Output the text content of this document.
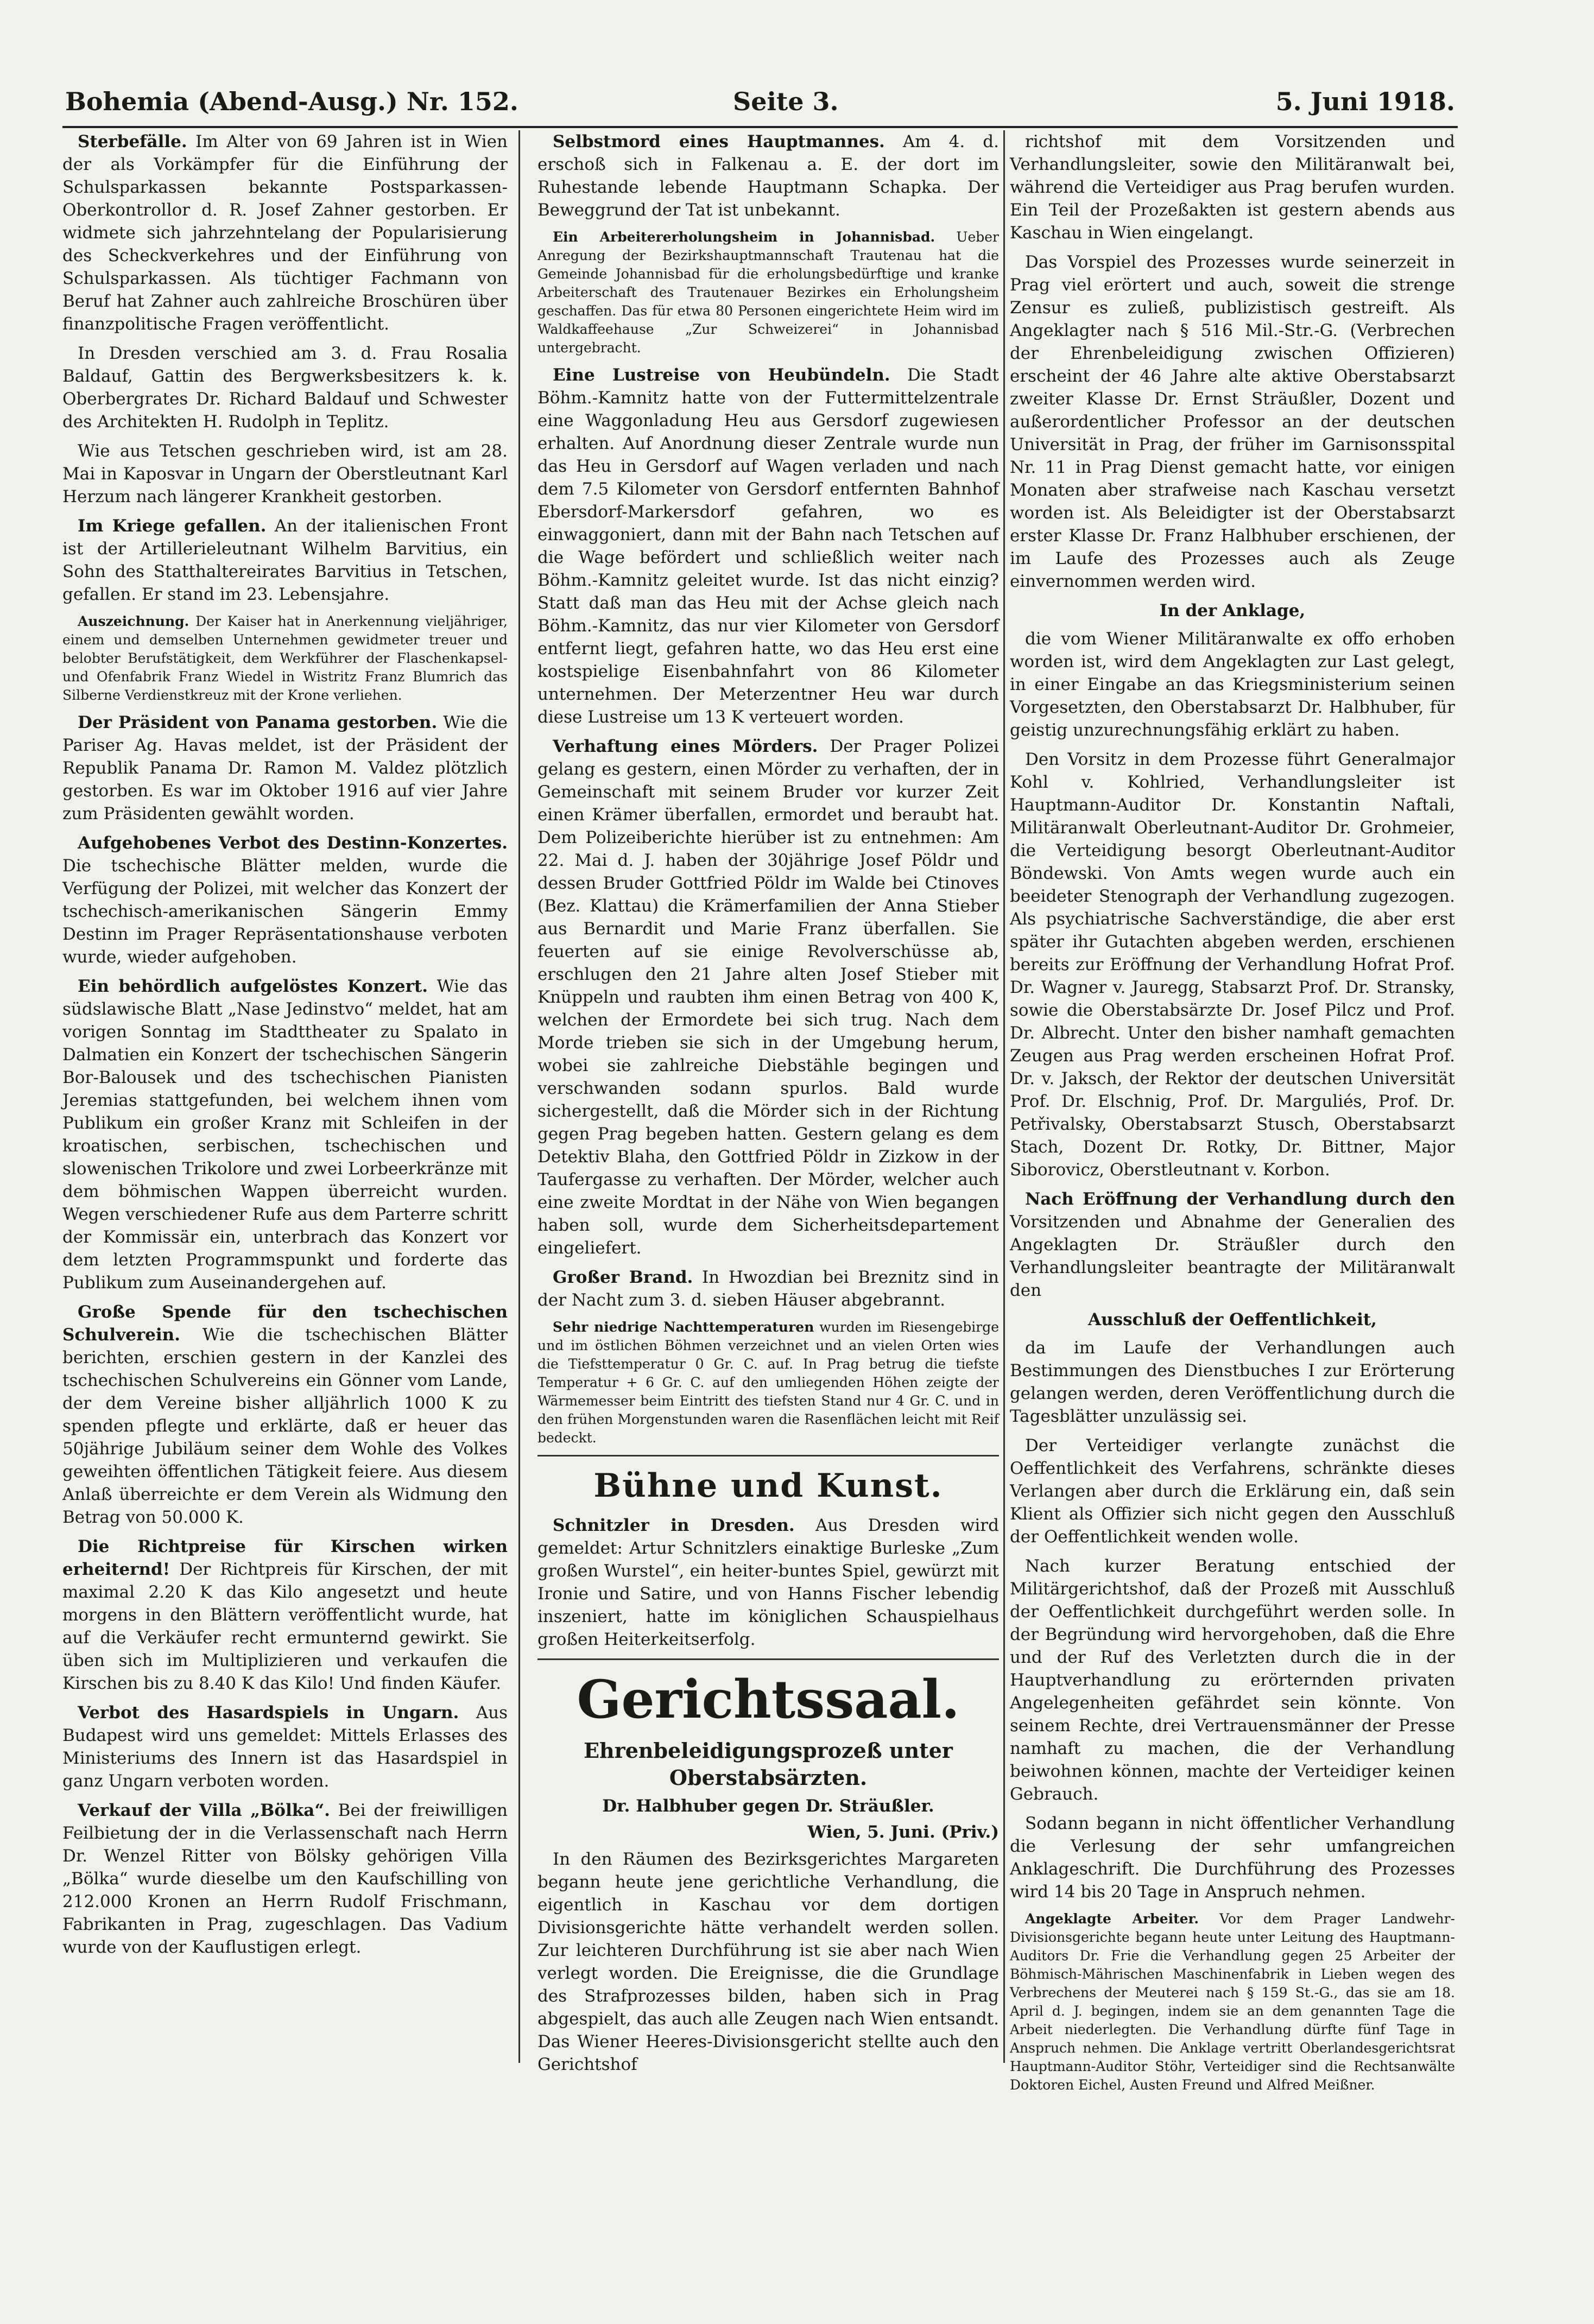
Bohemia (Abend-Ausg.) Nr. 152.	Seite 3.	5. Juni 1918.

Sterbefälle. Im Alter von 69 Jahren ist in Wien der als Vorkämpfer für die Einführung der Schulsparkassen bekannte Postsparkassen-Oberkontrollor d. R. Josef Zahner gestorben. Er widmete sich jahrzehntelang der Popularisierung des Scheckverkehres und der Einführung von Schulsparkassen. Als tüchtiger Fachmann von Beruf hat Zahner auch zahlreiche Broschüren über finanzpolitische Fragen veröffentlicht.

In Dresden verschied am 3. d. Frau Rosalia Baldauf, Gattin des Bergwerksbesitzers k. k. Oberbergrates Dr. Richard Baldauf und Schwester des Architekten H. Rudolph in Teplitz.

Wie aus Tetschen geschrieben wird, ist am 28. Mai in Kaposvar in Ungarn der Oberstleutnant Karl Herzum nach längerer Krankheit gestorben.

Im Kriege gefallen. An der italienischen Front ist der Artillerieleutnant Wilhelm Barvitius, ein Sohn des Statthaltereirates Barvitius in Tetschen, gefallen. Er stand im 23. Lebensjahre.

Auszeichnung. Der Kaiser hat in Anerkennung vieljähriger, einem und demselben Unternehmen gewidmeter treuer und belobter Berufstätigkeit, dem Werkführer der Flaschenkapsel- und Ofenfabrik Franz Wiedel in Wistritz Franz Blumrich das Silberne Verdienstkreuz mit der Krone verliehen.

Der Präsident von Panama gestorben. Wie die Pariser Ag. Havas meldet, ist der Präsident der Republik Panama Dr. Ramon M. Valdez plötzlich gestorben. Es war im Oktober 1916 auf vier Jahre zum Präsidenten gewählt worden.

Aufgehobenes Verbot des Destinn-Konzertes. Die tschechische Blätter melden, wurde die Verfügung der Polizei, mit welcher das Konzert der tschechisch-amerikanischen Sängerin Emmy Destinn im Prager Repräsentationshause verboten wurde, wieder aufgehoben.

Ein behördlich aufgelöstes Konzert. Wie das südslawische Blatt „Nase Jedinstvo“ meldet, hat am vorigen Sonntag im Stadttheater zu Spalato in Dalmatien ein Konzert der tschechischen Sängerin Bor-Balousek und des tschechischen Pianisten Jeremias stattgefunden, bei welchem ihnen vom Publikum ein großer Kranz mit Schleifen in der kroatischen, serbischen, tschechischen und slowenischen Trikolore und zwei Lorbeerkränze mit dem böhmischen Wappen überreicht wurden. Wegen verschiedener Rufe aus dem Parterre schritt der Kommissär ein, unterbrach das Konzert vor dem letzten Programmspunkt und forderte das Publikum zum Auseinandergehen auf.

Große Spende für den tschechischen Schulverein. Wie die tschechischen Blätter berichten, erschien gestern in der Kanzlei des tschechischen Schulvereins ein Gönner vom Lande, der dem Vereine bisher alljährlich 1000 K zu spenden pflegte und erklärte, daß er heuer das 50jährige Jubiläum seiner dem Wohle des Volkes geweihten öffentlichen Tätigkeit feiere. Aus diesem Anlaß überreichte er dem Verein als Widmung den Betrag von 50.000 K.

Die Richtpreise für Kirschen wirken erheiternd! Der Richtpreis für Kirschen, der mit maximal 2.20 K das Kilo angesetzt und heute morgens in den Blättern veröffentlicht wurde, hat auf die Verkäufer recht ermunternd gewirkt. Sie üben sich im Multiplizieren und verkaufen die Kirschen bis zu 8.40 K das Kilo! Und finden Käufer.

Verbot des Hasardspiels in Ungarn. Aus Budapest wird uns gemeldet: Mittels Erlasses des Ministeriums des Innern ist das Hasardspiel in ganz Ungarn verboten worden.

Verkauf der Villa „Bölka“. Bei der freiwilligen Feilbietung der in die Verlassenschaft nach Herrn Dr. Wenzel Ritter von Bölsky gehörigen Villa „Bölka“ wurde dieselbe um den Kaufschilling von 212.000 Kronen an Herrn Rudolf Frischmann, Fabrikanten in Prag, zugeschlagen. Das Vadium wurde von der Kauflustigen erlegt.

Selbstmord eines Hauptmannes. Am 4. d. erschoß sich in Falkenau a. E. der dort im Ruhestande lebende Hauptmann Schapka. Der Beweggrund der Tat ist unbekannt.

Ein Arbeitererholungsheim in Johannisbad. Ueber Anregung der Bezirkshauptmannschaft Trautenau hat die Gemeinde Johannisbad für die erholungsbedürftige und kranke Arbeiterschaft des Trautenauer Bezirkes ein Erholungsheim geschaffen. Das für etwa 80 Personen eingerichtete Heim wird im Waldkaffeehause „Zur Schweizerei“ in Johannisbad untergebracht.

Eine Lustreise von Heubündeln. Die Stadt Böhm.-Kamnitz hatte von der Futtermittelzentrale eine Waggonladung Heu aus Gersdorf zugewiesen erhalten. Auf Anordnung dieser Zentrale wurde nun das Heu in Gersdorf auf Wagen verladen und nach dem 7.5 Kilometer von Gersdorf entfernten Bahnhof Ebersdorf-Markersdorf gefahren, wo es einwaggoniert, dann mit der Bahn nach Tetschen auf die Wage befördert und schließlich weiter nach Böhm.-Kamnitz geleitet wurde. Ist das nicht einzig? Statt daß man das Heu mit der Achse gleich nach Böhm.-Kamnitz, das nur vier Kilometer von Gersdorf entfernt liegt, gefahren hatte, wo das Heu erst eine kostspielige Eisenbahnfahrt von 86 Kilometer unternehmen. Der Meterzentner Heu war durch diese Lustreise um 13 K verteuert worden.

Verhaftung eines Mörders. Der Prager Polizei gelang es gestern, einen Mörder zu verhaften, der in Gemeinschaft mit seinem Bruder vor kurzer Zeit einen Krämer überfallen, ermordet und beraubt hat. Dem Polizeiberichte hierüber ist zu entnehmen: Am 22. Mai d. J. haben der 30jährige Josef Pöldr und dessen Bruder Gottfried Pöldr im Walde bei Ctinoves (Bez. Klattau) die Krämerfamilien der Anna Stieber aus Bernardit und Marie Franz überfallen. Sie feuerten auf sie einige Revolverschüsse ab, erschlugen den 21 Jahre alten Josef Stieber mit Knüppeln und raubten ihm einen Betrag von 400 K, welchen der Ermordete bei sich trug. Nach dem Morde trieben sie sich in der Umgebung herum, wobei sie zahlreiche Diebstähle begingen und verschwanden sodann spurlos. Bald wurde sichergestellt, daß die Mörder sich in der Richtung gegen Prag begeben hatten. Gestern gelang es dem Detektiv Blaha, den Gottfried Pöldr in Zizkow in der Taufergasse zu verhaften. Der Mörder, welcher auch eine zweite Mordtat in der Nähe von Wien begangen haben soll, wurde dem Sicherheitsdepartement eingeliefert.

Großer Brand. In Hwozdian bei Breznitz sind in der Nacht zum 3. d. sieben Häuser abgebrannt.

Sehr niedrige Nachttemperaturen wurden im Riesengebirge und im östlichen Böhmen verzeichnet und an vielen Orten wies die Tiefsttemperatur 0 Gr. C. auf. In Prag betrug die tiefste Temperatur + 6 Gr. C. auf den umliegenden Höhen zeigte der Wärmemesser beim Eintritt des tiefsten Stand nur 4 Gr. C. und in den frühen Morgenstunden waren die Rasenflächen leicht mit Reif bedeckt.

Bühne und Kunst.

Schnitzler in Dresden. Aus Dresden wird gemeldet: Artur Schnitzlers einaktige Burleske „Zum großen Wurstel“, ein heiter-buntes Spiel, gewürzt mit Ironie und Satire, und von Hanns Fischer lebendig inszeniert, hatte im königlichen Schauspielhaus großen Heiterkeitserfolg.

Gerichtssaal.
Ehrenbeleidigungsprozeß unter Oberstabsärzten.
Dr. Halbhuber gegen Dr. Sträußler.
Wien, 5. Juni. (Priv.)

In den Räumen des Bezirksgerichtes Margareten begann heute jene gerichtliche Verhandlung, die eigentlich in Kaschau vor dem dortigen Divisionsgerichte hätte verhandelt werden sollen. Zur leichteren Durchführung ist sie aber nach Wien verlegt worden. Die Ereignisse, die die Grundlage des Strafprozesses bilden, haben sich in Prag abgespielt, das auch alle Zeugen nach Wien entsandt. Das Wiener Heeres-Divisionsgericht stellte auch den Gerichtshof

richtshof mit dem Vorsitzenden und Verhandlungsleiter, sowie den Militäranwalt bei, während die Verteidiger aus Prag berufen wurden. Ein Teil der Prozeßakten ist gestern abends aus Kaschau in Wien eingelangt.

Das Vorspiel des Prozesses wurde seinerzeit in Prag viel erörtert und auch, soweit die strenge Zensur es zuließ, publizistisch gestreift. Als Angeklagter nach § 516 Mil.-Str.-G. (Verbrechen der Ehrenbeleidigung zwischen Offizieren) erscheint der 46 Jahre alte aktive Oberstabsarzt zweiter Klasse Dr. Ernst Sträußler, Dozent und außerordentlicher Professor an der deutschen Universität in Prag, der früher im Garnisonsspital Nr. 11 in Prag Dienst gemacht hatte, vor einigen Monaten aber strafweise nach Kaschau versetzt worden ist. Als Beleidigter ist der Oberstabsarzt erster Klasse Dr. Franz Halbhuber erschienen, der im Laufe des Prozesses auch als Zeuge einvernommen werden wird.

In der Anklage,

die vom Wiener Militäranwalte ex offo erhoben worden ist, wird dem Angeklagten zur Last gelegt, in einer Eingabe an das Kriegsministerium seinen Vorgesetzten, den Oberstabsarzt Dr. Halbhuber, für geistig unzurechnungsfähig erklärt zu haben.

Den Vorsitz in dem Prozesse führt Generalmajor Kohl v. Kohlried, Verhandlungsleiter ist Hauptmann-Auditor Dr. Konstantin Naftali, Militäranwalt Oberleutnant-Auditor Dr. Grohmeier, die Verteidigung besorgt Oberleutnant-Auditor Böndewski. Von Amts wegen wurde auch ein beeideter Stenograph der Verhandlung zugezogen. Als psychiatrische Sachverständige, die aber erst später ihr Gutachten abgeben werden, erschienen bereits zur Eröffnung der Verhandlung Hofrat Prof. Dr. Wagner v. Jauregg, Stabsarzt Prof. Dr. Stransky, sowie die Oberstabsärzte Dr. Josef Pilcz und Prof. Dr. Albrecht. Unter den bisher namhaft gemachten Zeugen aus Prag werden erscheinen Hofrat Prof. Dr. v. Jaksch, der Rektor der deutschen Universität Prof. Dr. Elschnig, Prof. Dr. Marguliés, Prof. Dr. Petřivalsky, Oberstabsarzt Stusch, Oberstabsarzt Stach, Dozent Dr. Rotky, Dr. Bittner, Major Siborovicz, Oberstleutnant v. Korbon.

Nach Eröffnung der Verhandlung durch den Vorsitzenden und Abnahme der Generalien des Angeklagten Dr. Sträußler durch den Verhandlungsleiter beantragte der Militäranwalt den

Ausschluß der Oeffentlichkeit,

da im Laufe der Verhandlungen auch Bestimmungen des Dienstbuches I zur Erörterung gelangen werden, deren Veröffentlichung durch die Tagesblätter unzulässig sei.

Der Verteidiger verlangte zunächst die Oeffentlichkeit des Verfahrens, schränkte dieses Verlangen aber durch die Erklärung ein, daß sein Klient als Offizier sich nicht gegen den Ausschluß der Oeffentlichkeit wenden wolle.

Nach kurzer Beratung entschied der Militärgerichtshof, daß der Prozeß mit Ausschluß der Oeffentlichkeit durchgeführt werden solle. In der Begründung wird hervorgehoben, daß die Ehre und der Ruf des Verletzten durch die in der Hauptverhandlung zu erörternden privaten Angelegenheiten gefährdet sein könnte. Von seinem Rechte, drei Vertrauensmänner der Presse namhaft zu machen, die der Verhandlung beiwohnen können, machte der Verteidiger keinen Gebrauch.

Sodann begann in nicht öffentlicher Verhandlung die Verlesung der sehr umfangreichen Anklageschrift. Die Durchführung des Prozesses wird 14 bis 20 Tage in Anspruch nehmen.

Angeklagte Arbeiter. Vor dem Prager Landwehr-Divisionsgerichte begann heute unter Leitung des Hauptmann-Auditors Dr. Frie die Verhandlung gegen 25 Arbeiter der Böhmisch-Mährischen Maschinenfabrik in Lieben wegen des Verbrechens der Meuterei nach § 159 St.-G., das sie am 18. April d. J. begingen, indem sie an dem genannten Tage die Arbeit niederlegten. Die Verhandlung dürfte fünf Tage in Anspruch nehmen. Die Anklage vertritt Oberlandesgerichtsrat Hauptmann-Auditor Stöhr, Verteidiger sind die Rechtsanwälte Doktoren Eichel, Austen Freund und Alfred Meißner.
